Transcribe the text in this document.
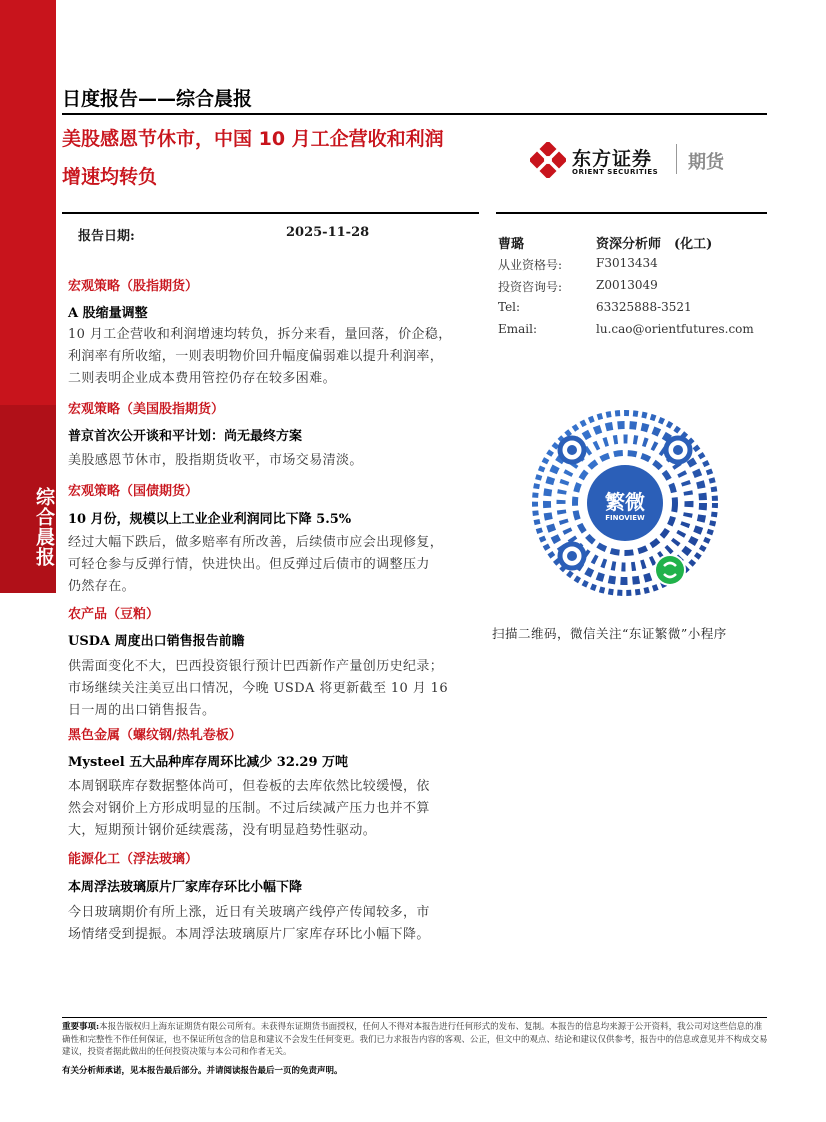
综合晨报
日度报告——综合晨报
美股感恩节休市，中国 10 月工企营收和利润
增速均转负
东方证券
ORIENT SECURITIES 期货
报告日期:	2025-11-28
曹璐	资深分析师　(化工)
从业资格号:	F3013434
投资咨询号:	Z0013049
Tel:	63325888-3521
Email:	lu.cao@orientfutures.com
繁微
FINOVIEW
扫描二维码，微信关注“东证繁微”小程序
宏观策略（股指期货）
A 股缩量调整
10 月工企营收和利润增速均转负，拆分来看，量回落，价企稳，
利润率有所收缩，一则表明物价回升幅度偏弱难以提升利润率，
二则表明企业成本费用管控仍存在较多困难。
宏观策略（美国股指期货）
普京首次公开谈和平计划：尚无最终方案
美股感恩节休市，股指期货收平，市场交易清淡。
宏观策略（国债期货）
10 月份，规模以上工业企业利润同比下降 5.5%
经过大幅下跌后，做多赔率有所改善，后续债市应会出现修复，
可轻仓参与反弹行情，快进快出。但反弹过后债市的调整压力
仍然存在。
农产品（豆粕）
USDA 周度出口销售报告前瞻
供需面变化不大，巴西投资银行预计巴西新作产量创历史纪录；
市场继续关注美豆出口情况，今晚 USDA 将更新截至 10 月 16
日一周的出口销售报告。
黑色金属（螺纹钢/热轧卷板）
Mysteel 五大品种库存周环比减少 32.29 万吨
本周钢联库存数据整体尚可，但卷板的去库依然比较缓慢，依
然会对钢价上方形成明显的压制。不过后续减产压力也并不算
大，短期预计钢价延续震荡，没有明显趋势性驱动。
能源化工（浮法玻璃）
本周浮法玻璃原片厂家库存环比小幅下降
今日玻璃期价有所上涨，近日有关玻璃产线停产传闻较多，市
场情绪受到提振。本周浮法玻璃原片厂家库存环比小幅下降。
重要事项:本报告版权归上海东证期货有限公司所有。未获得东证期货书面授权，任何人不得对本报告进行任何形式的发布、复制。本报告的信息均来源于公开资料，我公司对这些信息的准确性和完整性不作任何保证，也不保证所包含的信息和建议不会发生任何变更。我们已力求报告内容的客观、公正，但文中的观点、结论和建议仅供参考，报告中的信息或意见并不构成交易建议，投资者据此做出的任何投资决策与本公司和作者无关。
有关分析师承诺，见本报告最后部分。并请阅读报告最后一页的免责声明。
